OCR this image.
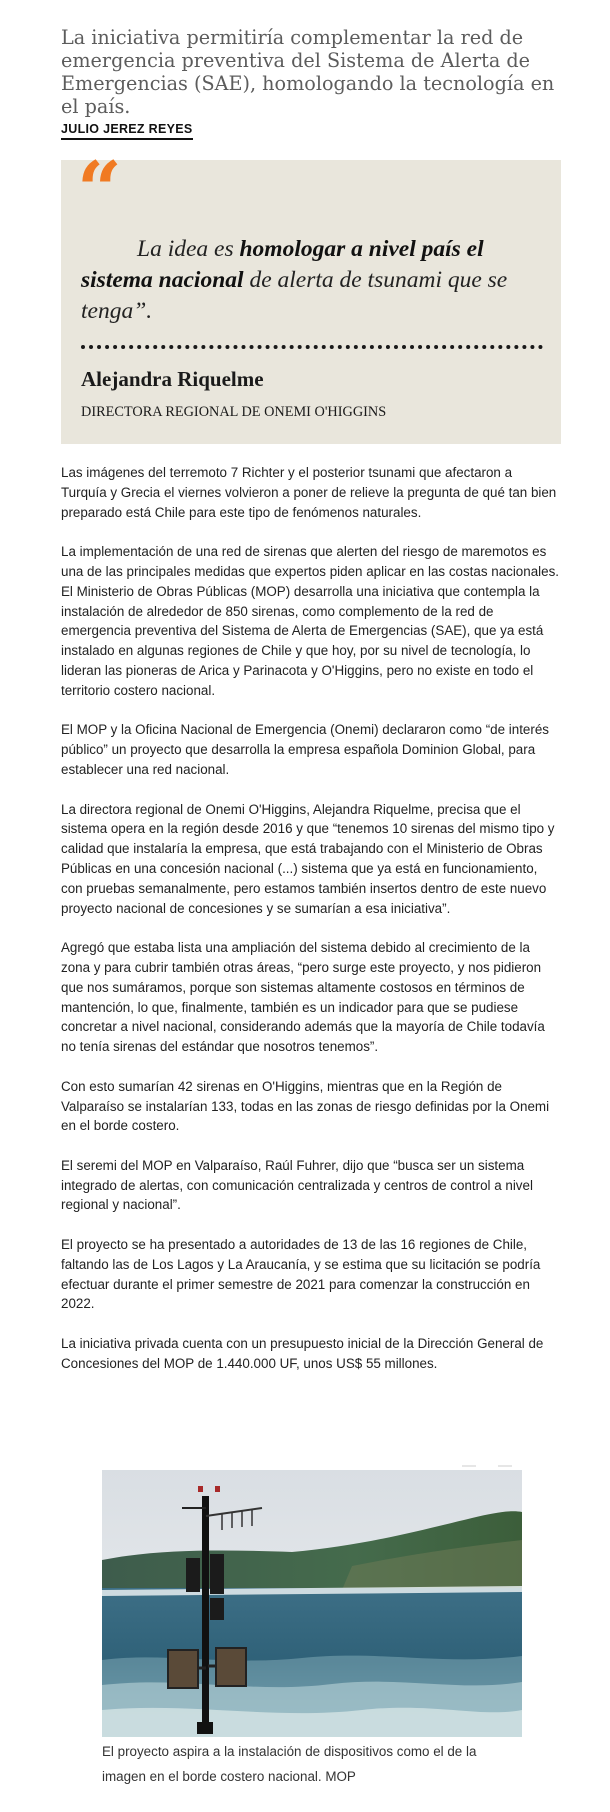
La iniciativa permitiría complementar la red de emergencia preventiva del Sistema de Alerta de Emergencias (SAE), homologando la tecnología en el país.
JULIO JEREZ REYES
“
La idea es homologar a nivel país el sistema nacional de alerta de tsunami que se tenga”.
Alejandra Riquelme
DIRECTORA REGIONAL DE ONEMI O'HIGGINS

Las imágenes del terremoto 7 Richter y el posterior tsunami que afectaron a Turquía y Grecia el viernes volvieron a poner de relieve la pregunta de qué tan bien preparado está Chile para este tipo de fenómenos naturales.

La implementación de una red de sirenas que alerten del riesgo de maremotos es una de las principales medidas que expertos piden aplicar en las costas nacionales. El Ministerio de Obras Públicas (MOP) desarrolla una iniciativa que contempla la instalación de alrededor de 850 sirenas, como complemento de la red de emergencia preventiva del Sistema de Alerta de Emergencias (SAE), que ya está instalado en algunas regiones de Chile y que hoy, por su nivel de tecnología, lo lideran las pioneras de Arica y Parinacota y O'Higgins, pero no existe en todo el territorio costero nacional.

El MOP y la Oficina Nacional de Emergencia (Onemi) declararon como “de interés público” un proyecto que desarrolla la empresa española Dominion Global, para establecer una red nacional.

La directora regional de Onemi O'Higgins, Alejandra Riquelme, precisa que el sistema opera en la región desde 2016 y que “tenemos 10 sirenas del mismo tipo y calidad que instalaría la empresa, que está trabajando con el Ministerio de Obras Públicas en una concesión nacional (...) sistema que ya está en funcionamiento, con pruebas semanalmente, pero estamos también insertos dentro de este nuevo proyecto nacional de concesiones y se sumarían a esa iniciativa”.

Agregó que estaba lista una ampliación del sistema debido al crecimiento de la zona y para cubrir también otras áreas, “pero surge este proyecto, y nos pidieron que nos sumáramos, porque son sistemas altamente costosos en términos de mantención, lo que, finalmente, también es un indicador para que se pudiese concretar a nivel nacional, considerando además que la mayoría de Chile todavía no tenía sirenas del estándar que nosotros tenemos”.

Con esto sumarían 42 sirenas en O'Higgins, mientras que en la Región de Valparaíso se instalarían 133, todas en las zonas de riesgo definidas por la Onemi en el borde costero.

El seremi del MOP en Valparaíso, Raúl Fuhrer, dijo que “busca ser un sistema integrado de alertas, con comunicación centralizada y centros de control a nivel regional y nacional”.

El proyecto se ha presentado a autoridades de 13 de las 16 regiones de Chile, faltando las de Los Lagos y La Araucanía, y se estima que su licitación se podría efectuar durante el primer semestre de 2021 para comenzar la construcción en 2022.

La iniciativa privada cuenta con un presupuesto inicial de la Dirección General de Concesiones del MOP de 1.440.000 UF, unos US$ 55 millones.

El proyecto aspira a la instalación de dispositivos como el de la imagen en el borde costero nacional. MOP
